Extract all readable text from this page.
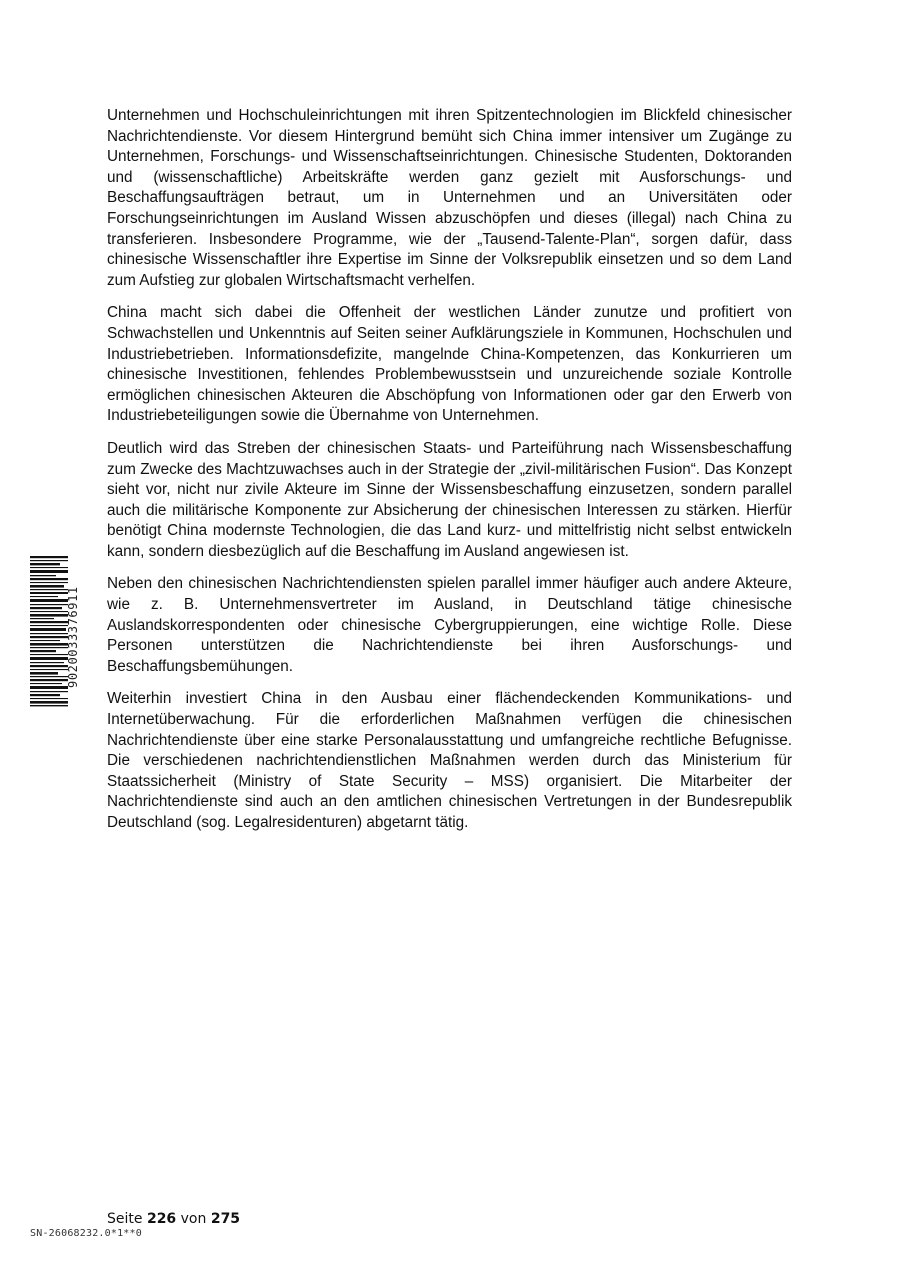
Unternehmen und Hochschuleinrichtungen mit ihren Spitzentechnologien im Blickfeld chinesischer Nachrichtendienste. Vor diesem Hintergrund bemüht sich China immer intensiver um Zugänge zu Unternehmen, Forschungs- und Wissenschaftseinrichtungen. Chinesische Studenten, Doktoranden und (wissenschaftliche) Arbeitskräfte werden ganz gezielt mit Ausforschungs- und Beschaffungsaufträgen betraut, um in Unternehmen und an Universitäten oder Forschungseinrichtungen im Ausland Wissen abzuschöpfen und dieses (illegal) nach China zu transferieren. Insbesondere Programme, wie der „Tausend-Talente-Plan“, sorgen dafür, dass chinesische Wissenschaftler ihre Expertise im Sinne der Volksrepublik einsetzen und so dem Land zum Aufstieg zur globalen Wirtschaftsmacht verhelfen.

China macht sich dabei die Offenheit der westlichen Länder zunutze und profitiert von Schwachstellen und Unkenntnis auf Seiten seiner Aufklärungsziele in Kommunen, Hochschulen und Industriebetrieben. Informationsdefizite, mangelnde China-Kompetenzen, das Konkurrieren um chinesische Investitionen, fehlendes Problembewusstsein und unzureichende soziale Kontrolle ermöglichen chinesischen Akteuren die Abschöpfung von Informationen oder gar den Erwerb von Industriebeteiligungen sowie die Übernahme von Unternehmen.

Deutlich wird das Streben der chinesischen Staats- und Parteiführung nach Wissensbeschaffung zum Zwecke des Machtzuwachses auch in der Strategie der „zivil-militärischen Fusion“. Das Konzept sieht vor, nicht nur zivile Akteure im Sinne der Wissensbeschaffung einzusetzen, sondern parallel auch die militärische Komponente zur Absicherung der chinesischen Interessen zu stärken. Hierfür benötigt China modernste Technologien, die das Land kurz- und mittelfristig nicht selbst entwickeln kann, sondern diesbezüglich auf die Beschaffung im Ausland angewiesen ist.

Neben den chinesischen Nachrichtendiensten spielen parallel immer häufiger auch andere Akteure, wie z. B. Unternehmensvertreter im Ausland, in Deutschland tätige chinesische Auslandskorrespondenten oder chinesische Cybergruppierungen, eine wichtige Rolle. Diese Personen unterstützen die Nachrichtendienste bei ihren Ausforschungs- und Beschaffungsbemühungen.

Weiterhin investiert China in den Ausbau einer flächendeckenden Kommunikations- und Internetüberwachung. Für die erforderlichen Maßnahmen verfügen die chinesischen Nachrichtendienste über eine starke Personalausstattung und umfangreiche rechtliche Befugnisse. Die verschiedenen nachrichtendienstlichen Maßnahmen werden durch das Ministerium für Staatssicherheit (Ministry of State Security – MSS) organisiert. Die Mitarbeiter der Nachrichtendienste sind auch an den amtlichen chinesischen Vertretungen in der Bundesrepublik Deutschland (sog. Legalresidenturen) abgetarnt tätig.

9020033376911
Seite 226 von 275
SN-26068232.0*1**0
